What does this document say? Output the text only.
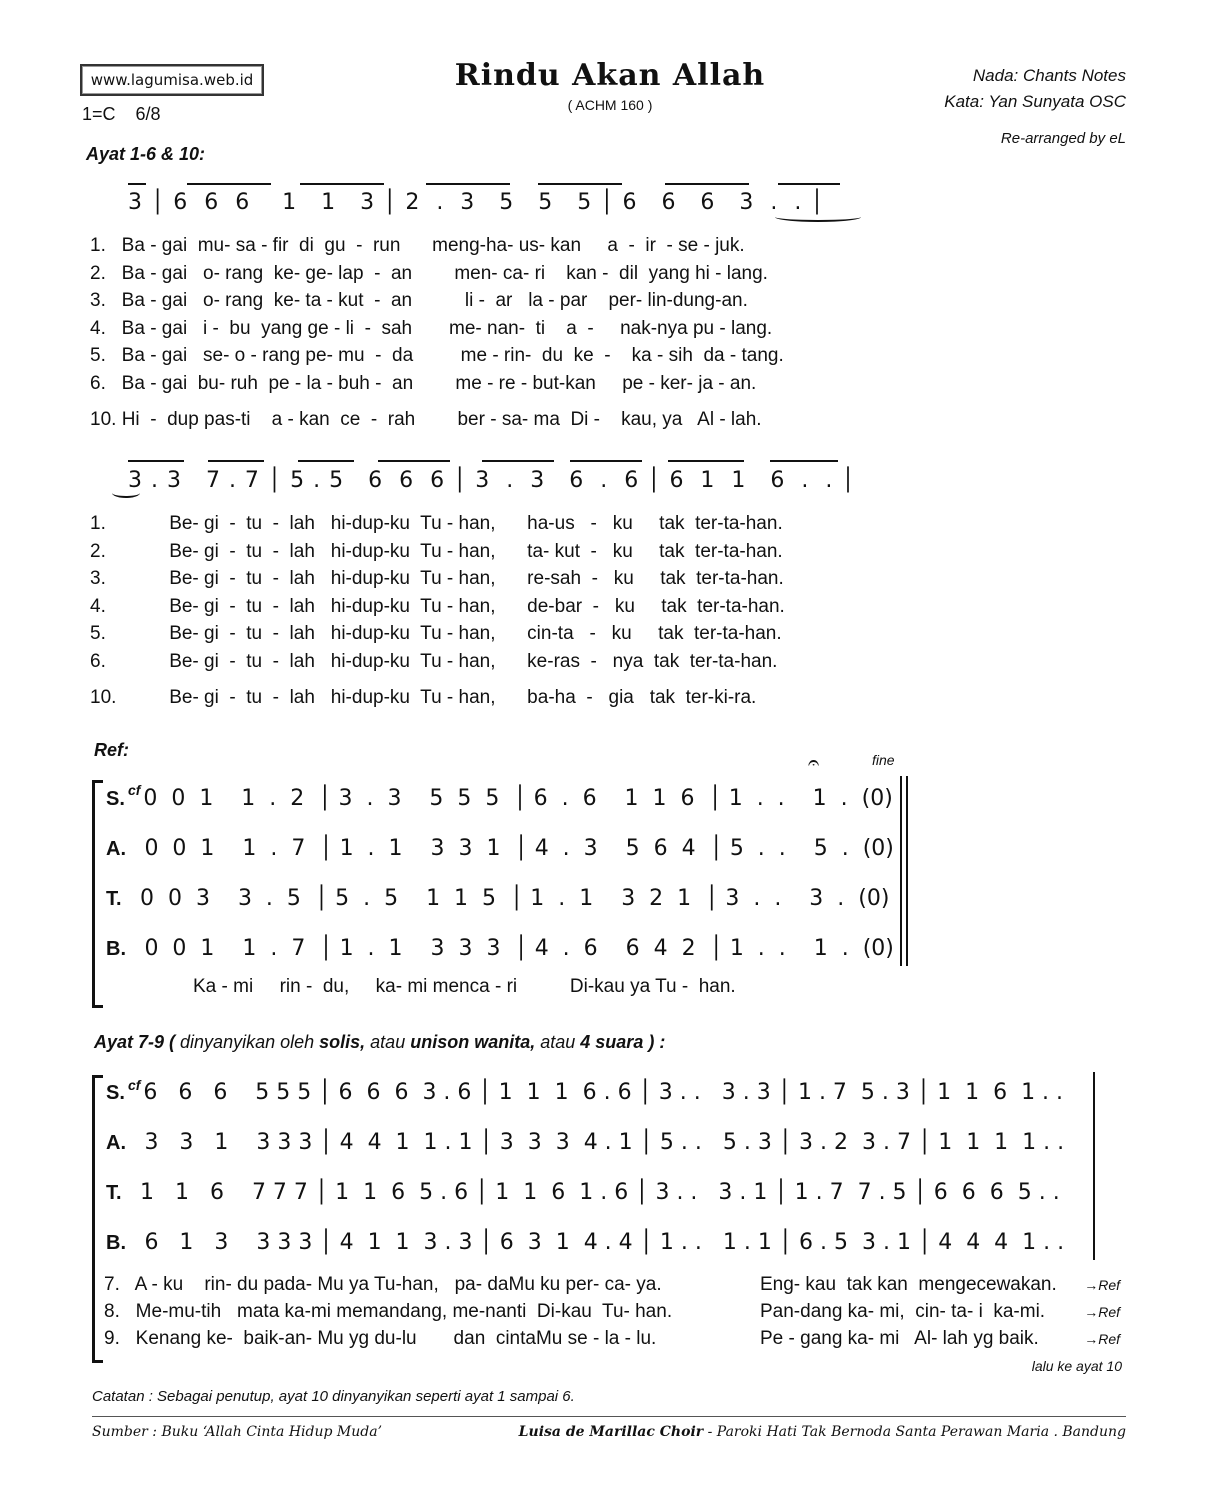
www.lagumisa.web.id
1=C 6/8
Rindu Akan Allah
( ACHM 160 )
Nada: Chants Notes
Kata: Yan Sunyata OSC
Re-arranged by eL
Ayat 1-6 & 10:
3 │ 6  6  6    1   1   3 │ 2  .  3   5   5   5 │ 6   6   6   3  .  . │
1.   Ba - gai  mu- sa - fir  di  gu  -  run      meng-ha- us- kan     a  -  ir  - se - juk.
2.   Ba - gai   o- rang  ke- ge- lap  -  an        men- ca- ri    kan -  dil  yang hi - lang.
3.   Ba - gai   o- rang  ke- ta - kut  -  an          li -  ar   la - par    per- lin-dung-an.
4.   Ba - gai   i -  bu  yang ge - li  -  sah       me- nan-  ti    a  -     nak-nya pu - lang.
5.   Ba - gai   se- o - rang pe- mu  -  da         me - rin-  du  ke  -    ka - sih  da - tang.
6.   Ba - gai  bu- ruh  pe - la - buh -  an        me - re - but-kan     pe - ker- ja - an.
10. Hi  -  dup pas-ti    a - kan  ce  -  rah        ber - sa- ma  Di -    kau, ya   Al - lah.
3 . 3   7 . 7 │ 5 . 5   6  6  6 │ 3  .  3   6  .  6 │ 6  1  1   6  .  . │
1.            Be- gi  -  tu  -  lah   hi-dup-ku  Tu - han,      ha-us   -   ku     tak  ter-ta-han.
2.            Be- gi  -  tu  -  lah   hi-dup-ku  Tu - han,      ta- kut  -   ku     tak  ter-ta-han.
3.            Be- gi  -  tu  -  lah   hi-dup-ku  Tu - han,      re-sah  -   ku     tak  ter-ta-han.
4.            Be- gi  -  tu  -  lah   hi-dup-ku  Tu - han,      de-bar  -   ku     tak  ter-ta-han.
5.            Be- gi  -  tu  -  lah   hi-dup-ku  Tu - han,      cin-ta   -   ku     tak  ter-ta-han.
6.            Be- gi  -  tu  -  lah   hi-dup-ku  Tu - han,      ke-ras  -   nya  tak  ter-ta-han.
10.          Be- gi  -  tu  -  lah   hi-dup-ku  Tu - han,      ba-ha  -   gia   tak  ter-ki-ra.
Ref:	fine
𝄐
cf
S. 0  0  1    1  .  2  │ 3  .  3    5  5  5  │ 6  .  6    1  1  6  │ 1  .  .    1  .  (0)
A. 0  0  1    1  .  7  │ 1  .  1    3  3  1  │ 4  .  3    5  6  4  │ 5  .  .    5  .  (0)
T. 0  0  3    3  .  5  │ 5  .  5    1  1  5  │ 1  .  1    3  2  1  │ 3  .  .    3  .  (0)
B. 0  0  1    1  .  7  │ 1  .  1    3  3  3  │ 4  .  6    6  4  2  │ 1  .  .    1  .  (0)
Ka - mi     rin -  du,     ka- mi menca - ri          Di-kau ya Tu -  han.
Ayat 7-9 ( dinyanyikan oleh solis, atau unison wanita, atau 4 suara ) :
cf
S. 6   6   6    5 5 5 │ 6  6  6  3 . 6 │ 1  1  1  6 . 6 │ 3 . .   3 . 3 │ 1 . 7  5 . 3 │ 1  1  6  1 . .
A. 3   3   1    3 3 3 │ 4  4  1  1 . 1 │ 3  3  3  4 . 1 │ 5 . .   5 . 3 │ 3 . 2  3 . 7 │ 1  1  1  1 . .
T. 1   1   6    7 7 7 │ 1  1  6  5 . 6 │ 1  1  6  1 . 6 │ 3 . .   3 . 1 │ 1 . 7  7 . 5 │ 6  6  6  5 . .
B. 6   1   3    3 3 3 │ 4  1  1  3 . 3 │ 6  3  1  4 . 4 │ 1 . .   1 . 1 │ 6 . 5  3 . 1 │ 4  4  4  1 . .
7.   A - ku    rin- du pada- Mu ya Tu-han,   pa- daMu ku per- ca- ya.	Eng- kau  tak kan  mengecewakan. →Ref
8.   Me-mu-tih   mata ka-mi memandang, me-nanti  Di-kau  Tu- han.	Pan-dang ka- mi,  cin- ta- i  ka-mi.	→Ref
9.   Kenang ke-  baik-an- Mu yg du-lu       dan  cintaMu se - la - lu.	Pe - gang ka- mi   Al- lah yg baik.	→Ref
lalu ke ayat 10
Catatan : Sebagai penutup, ayat 10 dinyanyikan seperti ayat 1 sampai 6.
Sumber : Buku ‘Allah Cinta Hidup Muda’	Luisa de Marillac Choir - Paroki Hati Tak Bernoda Santa Perawan Maria . Bandung
